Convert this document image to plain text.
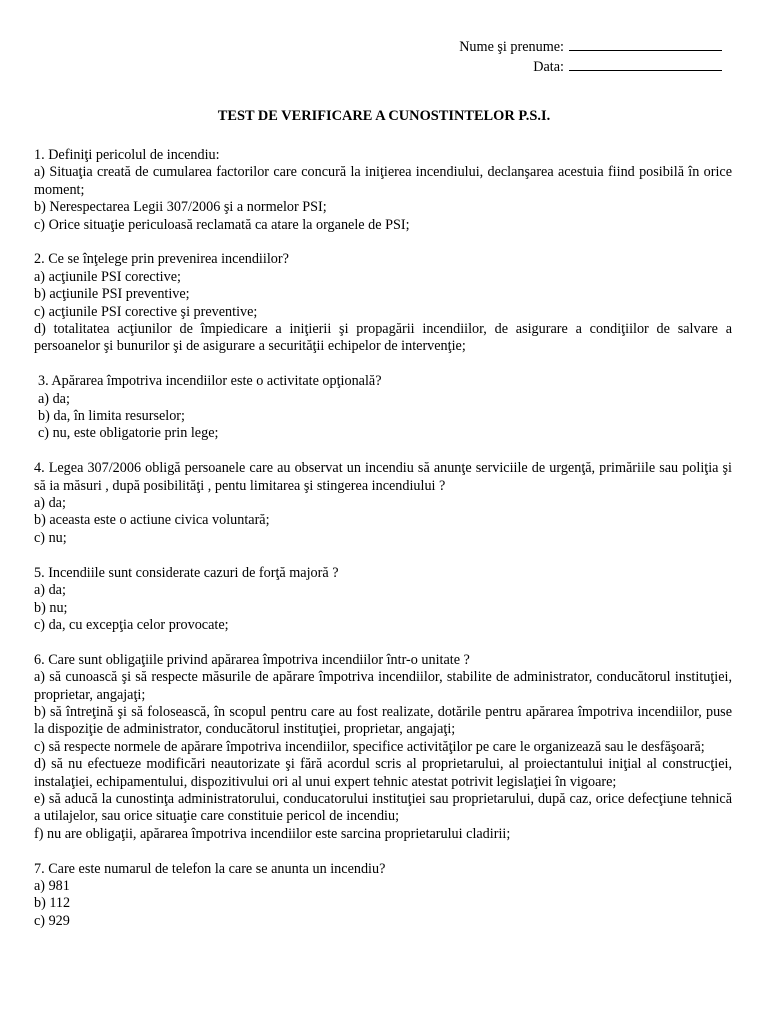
Nume şi prenume:
Data:
TEST DE VERIFICARE A CUNOSTINTELOR P.S.I.

1. Definiţi pericolul de incendiu:

a) Situaţia creată de cumularea factorilor care concură la iniţierea incendiului, declanşarea acestuia fiind posibilă în orice moment;

b) Nerespectarea Legii 307/2006 şi a normelor PSI;

c) Orice situaţie periculoasă reclamată ca atare la organele de PSI;

2. Ce se înţelege prin prevenirea incendiilor?

a) acţiunile PSI corective;

b) acţiunile PSI preventive;

c) acţiunile PSI corective şi preventive;

d) totalitatea acţiunilor de împiedicare a iniţierii şi propagării incendiilor, de asigurare a condiţiilor de salvare a persoanelor şi bunurilor şi de asigurare a securităţii echipelor de intervenţie;

3. Apărarea împotriva incendiilor este o activitate opţională?

a) da;

b) da, în limita resurselor;

c) nu, este obligatorie prin lege;

4. Legea 307/2006 obligă persoanele care au observat un incendiu să anunţe serviciile de urgenţă, primăriile sau poliţia şi să ia măsuri , după posibilităţi , pentu limitarea şi stingerea incendiului ?

a) da;

b) aceasta este o actiune civica voluntară;

c) nu;

5. Incendiile sunt considerate cazuri de forţă majoră ?

a) da;

b) nu;

c) da, cu excepţia celor provocate;

6. Care sunt obligaţiile privind apărarea împotriva incendiilor într-o unitate ?

a) să cunoască şi să respecte măsurile de apărare împotriva incendiilor, stabilite de administrator, conducătorul instituţiei, proprietar, angajaţi;

b) să întreţină şi să folosească, în scopul pentru care au fost realizate, dotările pentru apărarea împotriva incendiilor, puse la dispoziţie de administrator, conducătorul instituţiei, proprietar, angajaţi;

c) să respecte normele de apărare împotriva incendiilor, specifice activităţilor pe care le organizează sau le desfăşoară;

d) să nu efectueze modificări neautorizate şi fără acordul scris al proprietarului, al proiectantului iniţial al construcţiei, instalaţiei, echipamentului, dispozitivului ori al unui expert tehnic atestat potrivit legislaţiei în vigoare;

e) să aducă la cunostinţa administratorului, conducatorului instituţiei sau proprietarului, după caz, orice defecţiune tehnică a utilajelor, sau orice situaţie care constituie pericol de incendiu;

f) nu are obligaţii, apărarea împotriva incendiilor este sarcina proprietarului cladirii;

7. Care este numarul de telefon la care se anunta un incendiu?

a) 981

b) 112

c) 929
